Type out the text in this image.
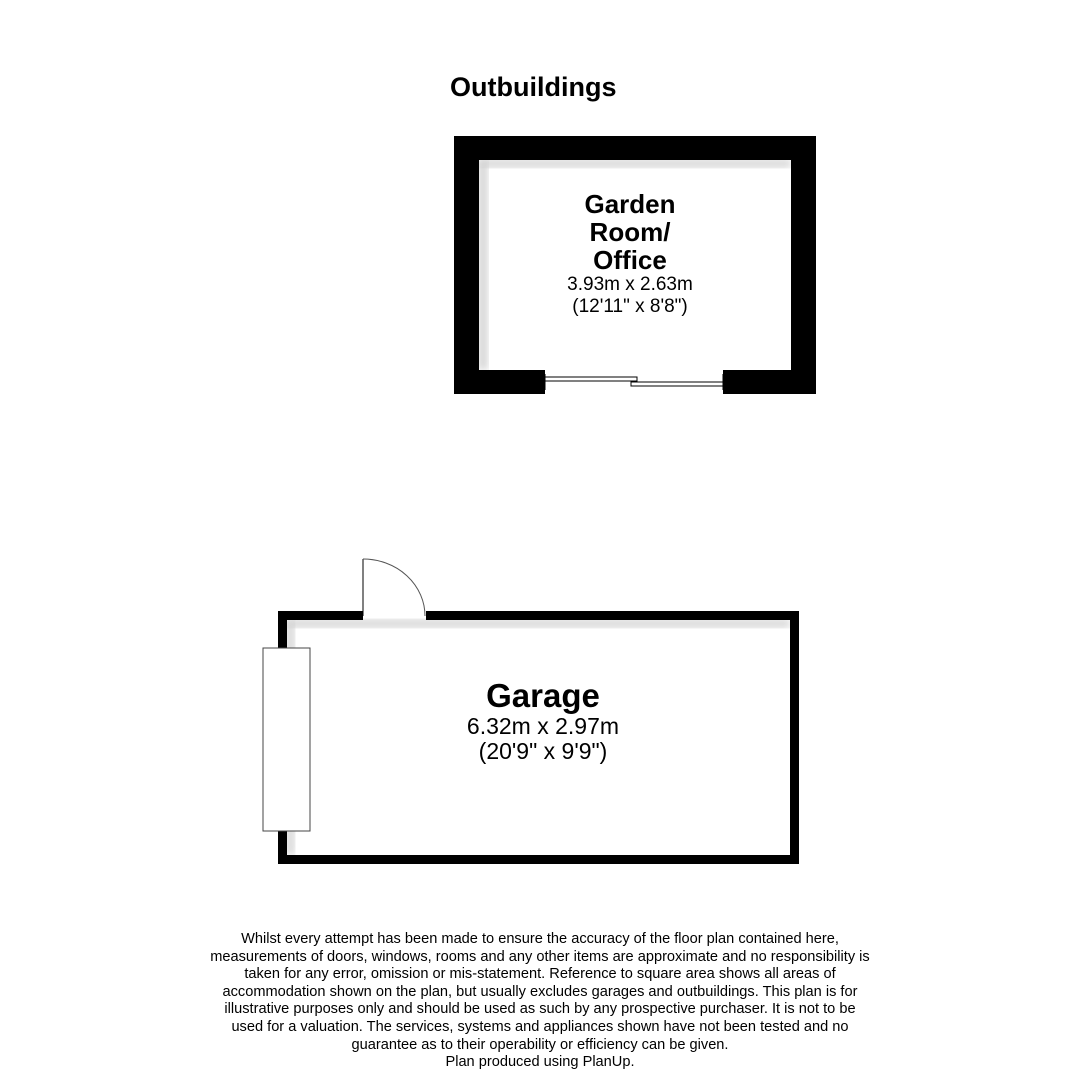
Outbuildings
Garden
Room/
Office
3.93m x 2.63m
(12'11" x 8'8")
Garage
6.32m x 2.97m
(20'9" x 9'9")
Whilst every attempt has been made to ensure the accuracy of the floor plan contained here,
measurements of doors, windows, rooms and any other items are approximate and no responsibility is
taken for any error, omission or mis-statement. Reference to square area shows all areas of
accommodation shown on the plan, but usually excludes garages and outbuildings. This plan is for
illustrative purposes only and should be used as such by any prospective purchaser. It is not to be
used for a valuation. The services, systems and appliances shown have not been tested and no
guarantee as to their operability or efficiency can be given.
Plan produced using PlanUp.
